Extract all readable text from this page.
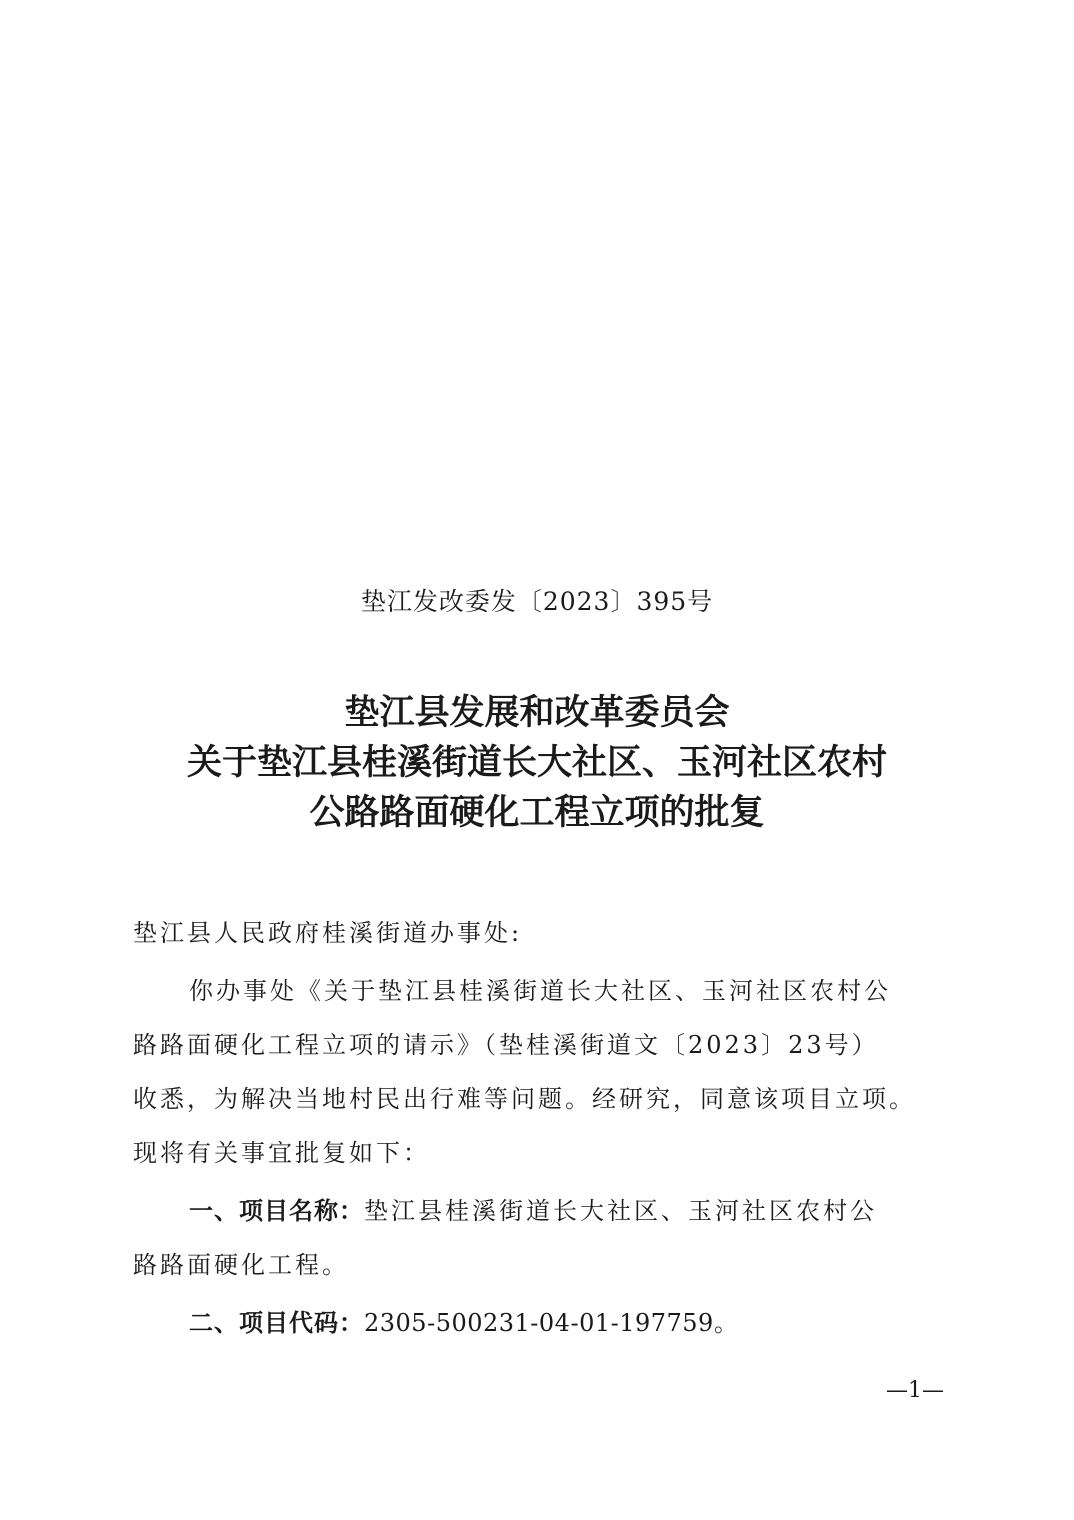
垫江发改委发〔2023〕395号
垫江县发展和改革委员会
关于垫江县桂溪街道长大社区、玉河社区农村
公路路面硬化工程立项的批复
垫江县人民政府桂溪街道办事处:
你办事处《关于垫江县桂溪街道长大社区、玉河社区农村公
路路面硬化工程立项的请示》（垫桂溪街道文〔2023〕23号）
收悉，为解决当地村民出行难等问题。经研究，同意该项目立项。
现将有关事宜批复如下：
一、项目名称：垫江县桂溪街道长大社区、玉河社区农村公
路路面硬化工程。
二、项目代码：2305-500231-04-01-197759。
—1—
